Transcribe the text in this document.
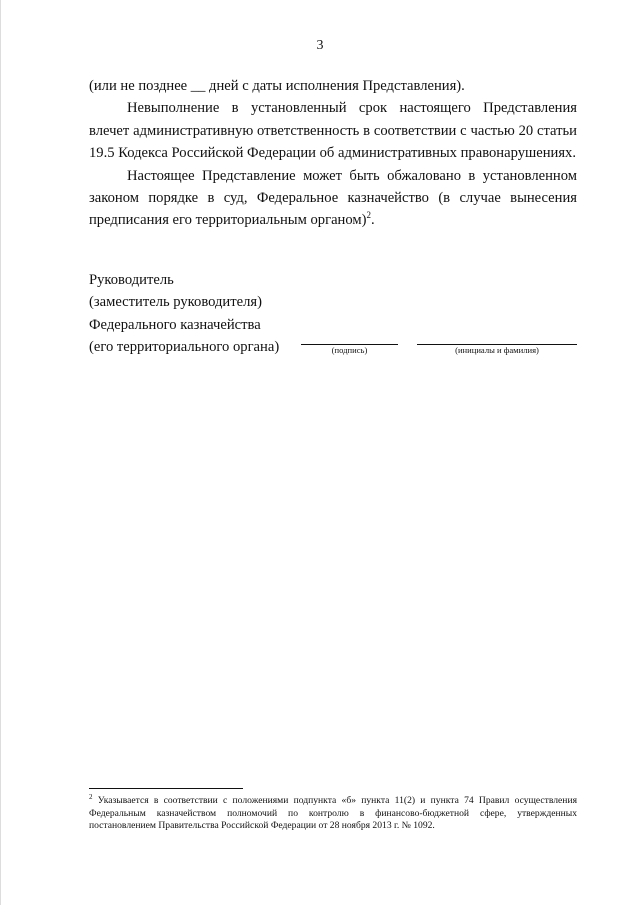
3

(или не позднее __ дней с даты исполнения Представления).

Невыполнение в установленный срок настоящего Представления влечет административную ответственность в соответствии с частью 20 статьи 19.5 Кодекса Российской Федерации об административных правонарушениях.

Настоящее Представление может быть обжаловано в установленном законом порядке в суд, Федеральное казначейство (в случае вынесения предписания его территориальным органом)$^2$.

Руководитель
(заместитель руководителя)
Федерального казначейства
(его территориального органа)	(подпись)	(инициалы и фамилия)
$^2$ Указывается в соответствии с положениями подпункта «б» пункта 11(2) и пункта 74 Правил осуществления Федеральным казначейством полномочий по контролю в финансово-бюджетной сфере, утвержденных постановлением Правительства Российской Федерации от 28 ноября 2013 г. № 1092.
